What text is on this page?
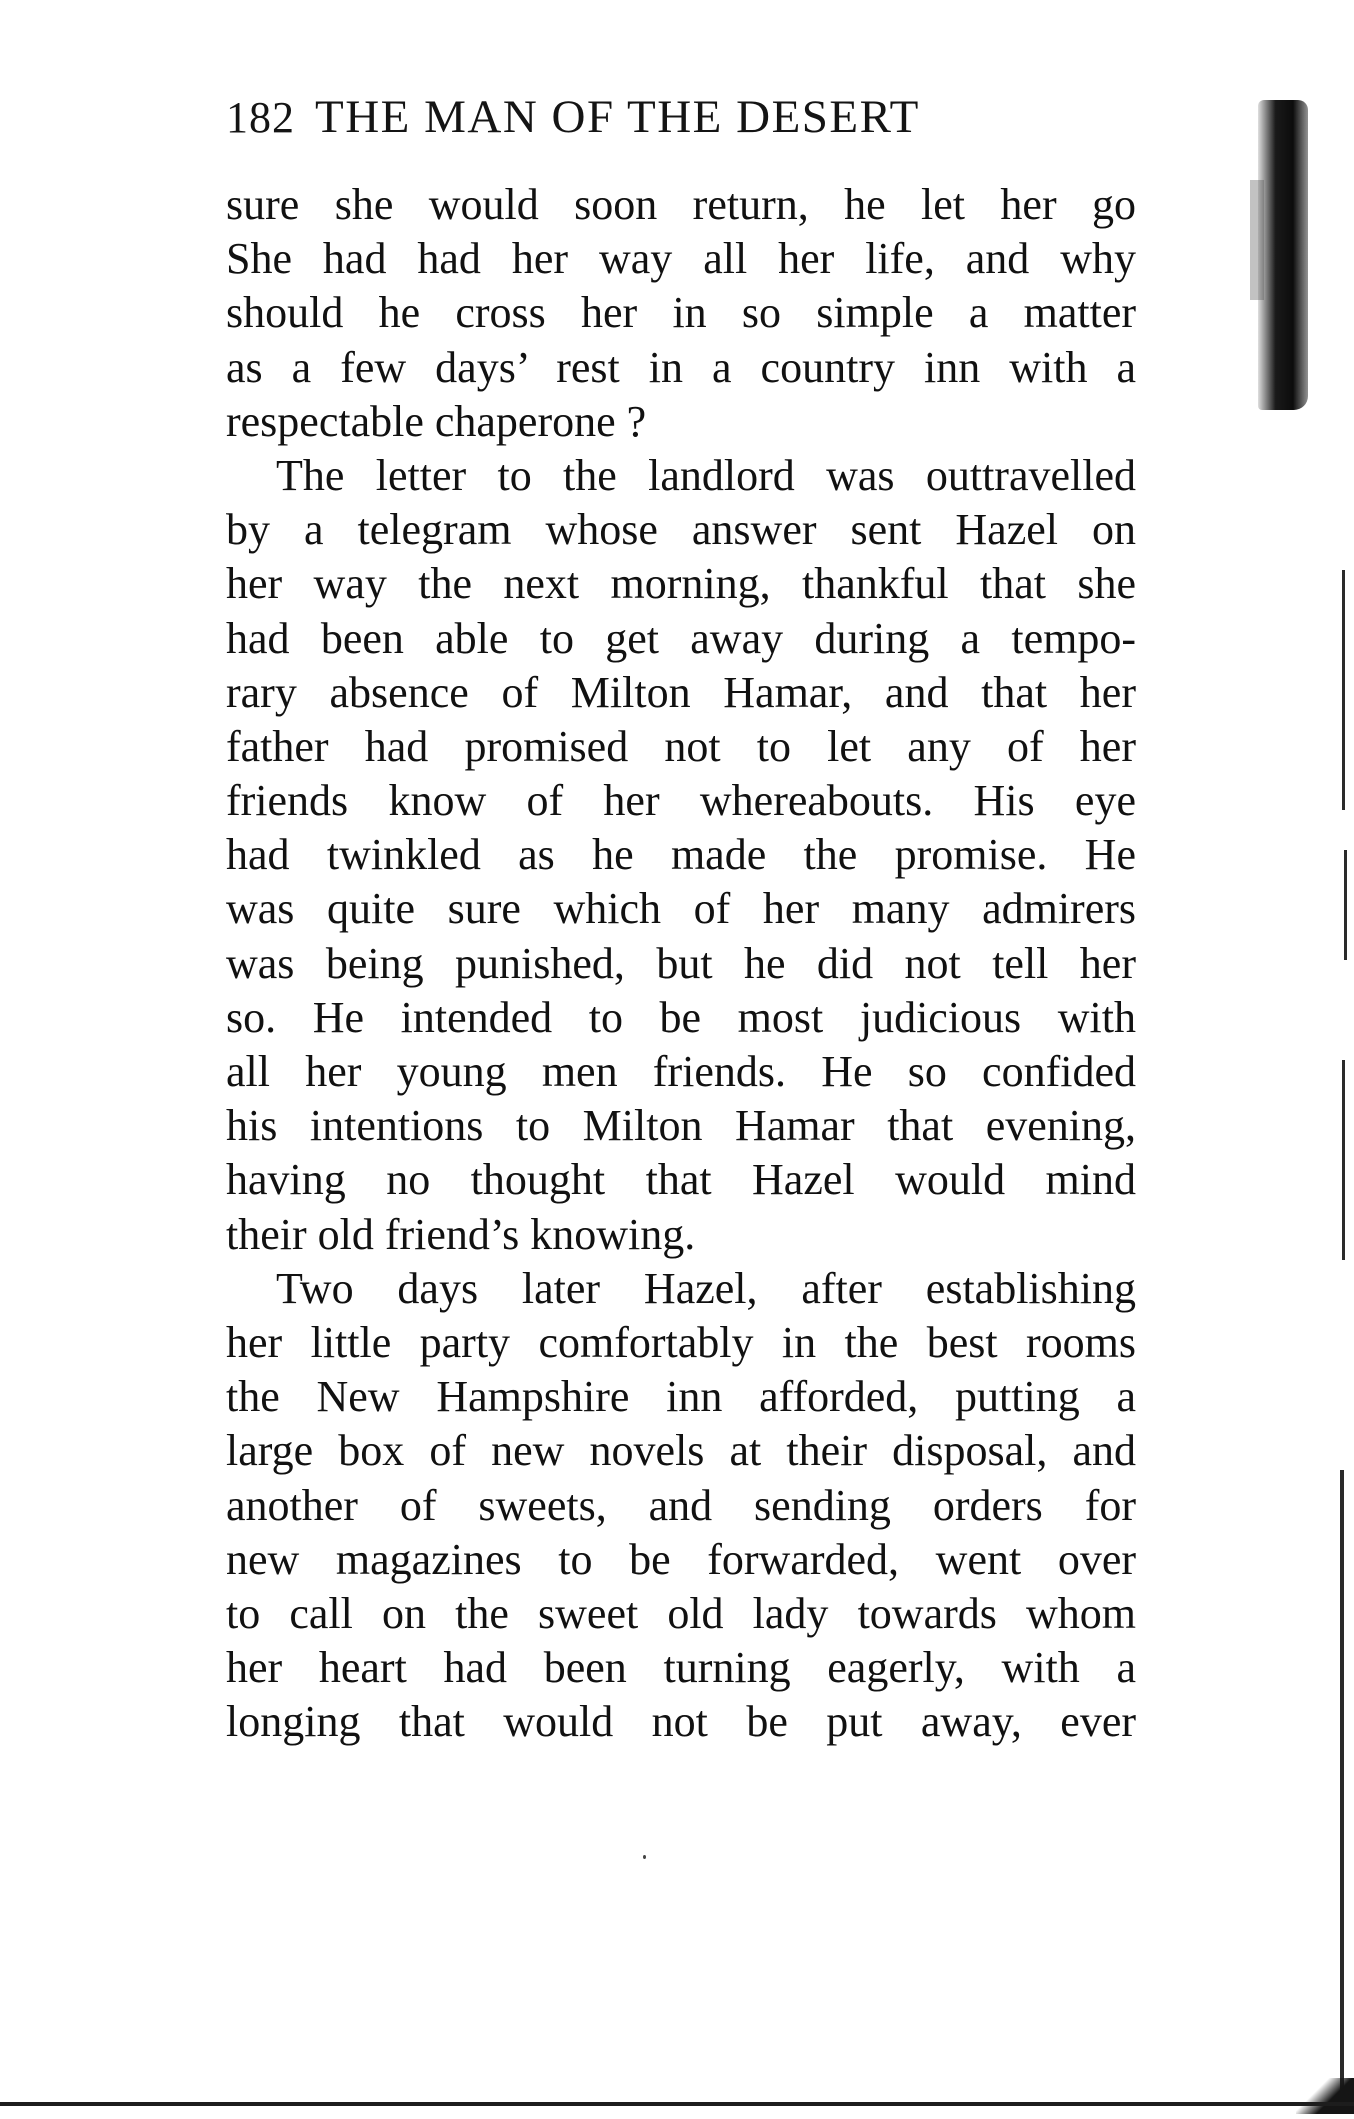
182 THE MAN OF THE DESERT
sure she would soon return, he let her go
She had had her way all her life, and why
should he cross her in so simple a matter
as a few days’ rest in a country inn with a
respectable chaperone ?
The letter to the landlord was outtravelled
by a telegram whose answer sent Hazel on
her way the next morning, thankful that she
had been able to get away during a tempo-
rary absence of Milton Hamar, and that her
father had promised not to let any of her
friends know of her whereabouts. His eye
had twinkled as he made the promise. He
was quite sure which of her many admirers
was being punished, but he did not tell her
so. He intended to be most judicious with
all her young men friends. He so confided
his intentions to Milton Hamar that evening,
having no thought that Hazel would mind
their old friend’s knowing.
Two days later Hazel, after establishing
her little party comfortably in the best rooms
the New Hampshire inn afforded, putting a
large box of new novels at their disposal, and
another of sweets, and sending orders for
new magazines to be forwarded, went over
to call on the sweet old lady towards whom
her heart had been turning eagerly, with a
longing that would not be put away, ever
